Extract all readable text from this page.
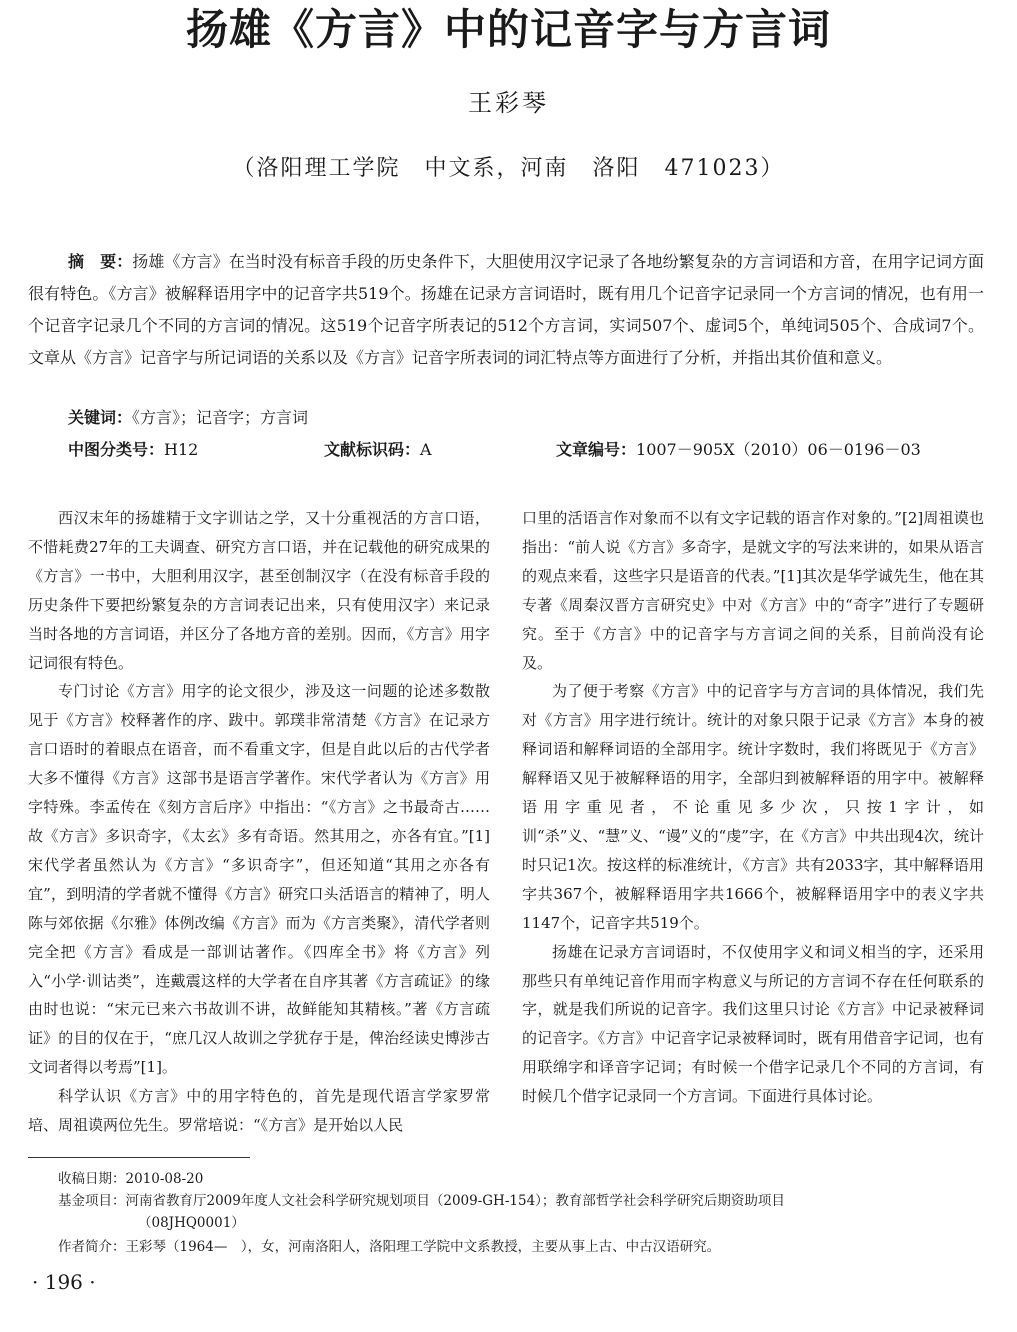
扬雄《方言》中的记音字与方言词
王彩琴
（洛阳理工学院　中文系，河南　洛阳　471023）

摘　要：扬雄《方言》在当时没有标音手段的历史条件下，大胆使用汉字记录了各地纷繁复杂的方言词语和方音，在用字记词方面很有特色。《方言》被解释语用字中的记音字共519个。扬雄在记录方言词语时，既有用几个记音字记录同一个方言词的情况，也有用一个记音字记录几个不同的方言词的情况。这519个记音字所表记的512个方言词，实词507个、虚词5个，单纯词505个、合成词7个。文章从《方言》记音字与所记词语的关系以及《方言》记音字所表词的词汇特点等方面进行了分析，并指出其价值和意义。

关键词：《方言》；记音字；方言词
中图分类号：H12	文献标识码：A	文章编号：1007－905X（2010）06－0196－03

西汉末年的扬雄精于文字训诂之学，又十分重视活的方言口语，不惜耗费27年的工夫调查、研究方言口语，并在记载他的研究成果的《方言》一书中，大胆利用汉字，甚至创制汉字（在没有标音手段的历史条件下要把纷繁复杂的方言词表记出来，只有使用汉字）来记录当时各地的方言词语，并区分了各地方音的差别。因而，《方言》用字记词很有特色。

专门讨论《方言》用字的论文很少，涉及这一问题的论述多数散见于《方言》校释著作的序、跋中。郭璞非常清楚《方言》在记录方言口语时的着眼点在语音，而不看重文字，但是自此以后的古代学者大多不懂得《方言》这部书是语言学著作。宋代学者认为《方言》用字特殊。李孟传在《刻方言后序》中指出：“《方言》之书最奇古……故《方言》多识奇字，《太玄》多有奇语。然其用之，亦各有宜。”[1]宋代学者虽然认为《方言》“多识奇字”，但还知道“其用之亦各有宜”，到明清的学者就不懂得《方言》研究口头活语言的精神了，明人陈与郊依据《尔雅》体例改编《方言》而为《方言类聚》，清代学者则完全把《方言》看成是一部训诂著作。《四库全书》将《方言》列入“小学·训诂类”，连戴震这样的大学者在自序其著《方言疏证》的缘由时也说：“宋元已来六书故训不讲，故鲜能知其精核。”著《方言疏证》的目的仅在于，“庶几汉人故训之学犹存于是，俾治经读史博涉古文词者得以考焉”[1]。

科学认识《方言》中的用字特色的，首先是现代语言学家罗常培、周祖谟两位先生。罗常培说：“《方言》是开始以人民

口里的活语言作对象而不以有文字记载的语言作对象的。”[2]周祖谟也指出：“前人说《方言》多奇字，是就文字的写法来讲的，如果从语言的观点来看，这些字只是语音的代表。”[1]其次是华学诚先生，他在其专著《周秦汉晋方言研究史》中对《方言》中的“奇字”进行了专题研究。至于《方言》中的记音字与方言词之间的关系，目前尚没有论及。

为了便于考察《方言》中的记音字与方言词的具体情况，我们先对《方言》用字进行统计。统计的对象只限于记录《方言》本身的被释词语和解释词语的全部用字。统计字数时，我们将既见于《方言》解释语又见于被解释语的用字，全部归到被解释语的用字中。被解释语用字重见者，不论重见多少次，只按1字计，如训“杀”义、“慧”义、“谩”义的“虔”字，在《方言》中共出现4次，统计时只记1次。按这样的标准统计，《方言》共有2033字，其中解释语用字共367个，被解释语用字共1666个，被解释语用字中的表义字共1147个，记音字共519个。

扬雄在记录方言词语时，不仅使用字义和词义相当的字，还采用那些只有单纯记音作用而字构意义与所记的方言词不存在任何联系的字，就是我们所说的记音字。我们这里只讨论《方言》中记录被释词的记音字。《方言》中记音字记录被释词时，既有用借音字记词，也有用联绵字和译音字记词；有时候一个借字记录几个不同的方言词，有时候几个借字记录同一个方言词。下面进行具体讨论。

收稿日期：2010-08-20
基金项目：河南省教育厅2009年度人文社会科学研究规划项目（2009-GH-154）；教育部哲学社会科学研究后期资助项目
（08JHQ0001）
作者简介：王彩琴（1964—　），女，河南洛阳人，洛阳理工学院中文系教授，主要从事上古、中古汉语研究。
· 196 ·
